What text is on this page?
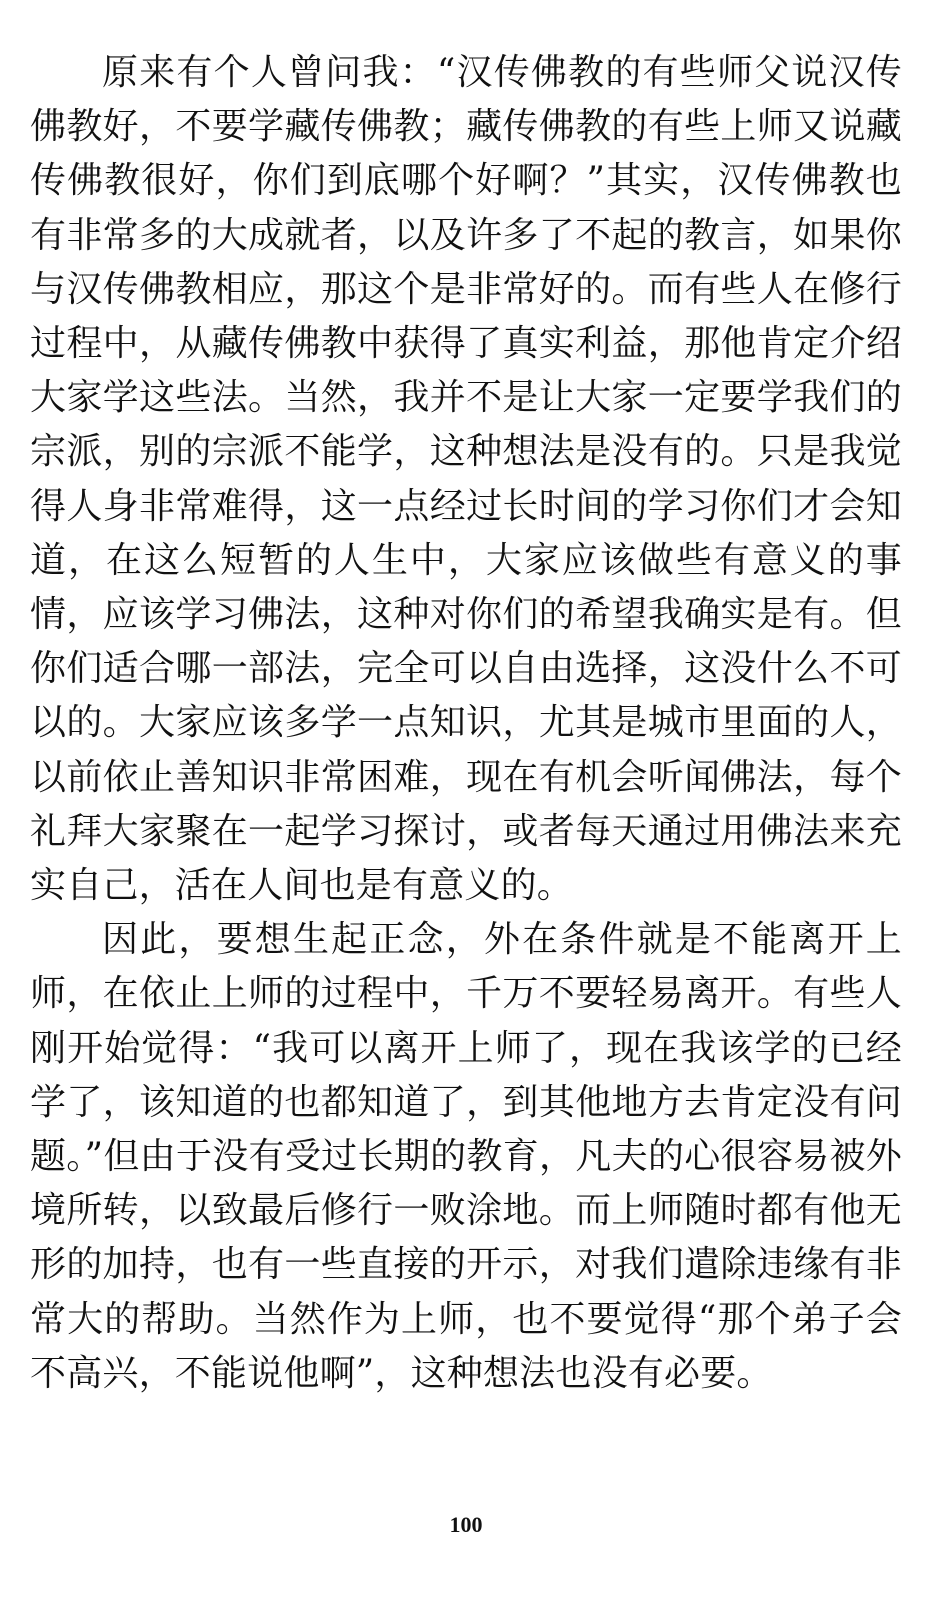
原来有个人曾问我：“汉传佛教的有些师父说汉传佛教好，不要学藏传佛教；藏传佛教的有些上师又说藏传佛教很好，你们到底哪个好啊？”其实，汉传佛教也有非常多的大成就者，以及许多了不起的教言，如果你与汉传佛教相应，那这个是非常好的。而有些人在修行过程中，从藏传佛教中获得了真实利益，那他肯定介绍大家学这些法。当然，我并不是让大家一定要学我们的宗派，别的宗派不能学，这种想法是没有的。只是我觉得人身非常难得，这一点经过长时间的学习你们才会知道，在这么短暂的人生中，大家应该做些有意义的事情，应该学习佛法，这种对你们的希望我确实是有。但你们适合哪一部法，完全可以自由选择，这没什么不可以的。大家应该多学一点知识，尤其是城市里面的人，以前依止善知识非常困难，现在有机会听闻佛法，每个礼拜大家聚在一起学习探讨，或者每天通过用佛法来充实自己，活在人间也是有意义的。

因此，要想生起正念，外在条件就是不能离开上师，在依止上师的过程中，千万不要轻易离开。有些人刚开始觉得：“我可以离开上师了，现在我该学的已经学了，该知道的也都知道了，到其他地方去肯定没有问题。”但由于没有受过长期的教育，凡夫的心很容易被外境所转，以致最后修行一败涂地。而上师随时都有他无形的加持，也有一些直接的开示，对我们遣除违缘有非常大的帮助。当然作为上师，也不要觉得“那个弟子会不高兴，不能说他啊”，这种想法也没有必要。

100
